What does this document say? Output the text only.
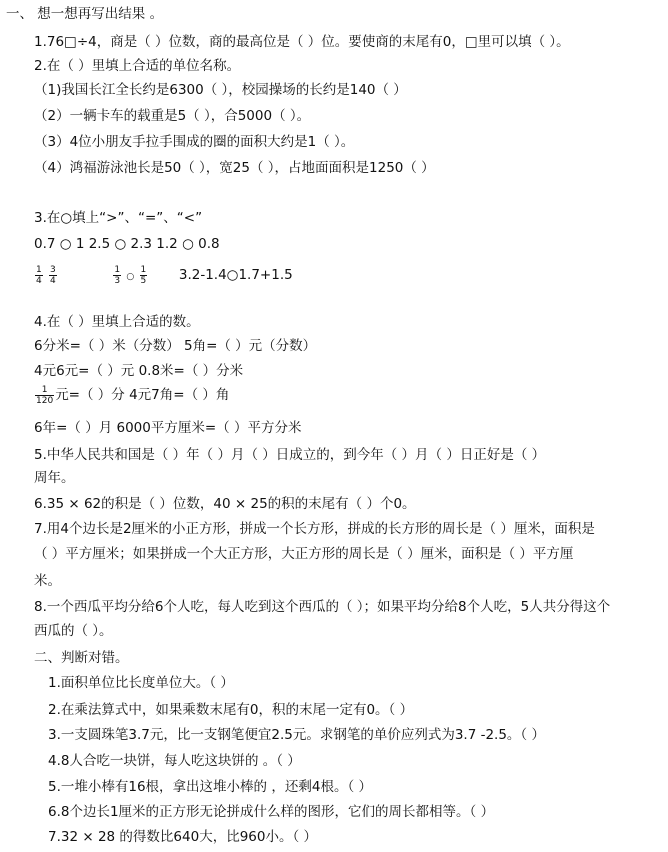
一、 想一想再写出结果 。
1.76□÷4，商是（ ）位数，商的最高位是（ ）位。要使商的末尾有0，□里可以填（ ）。
2.在（ ）里填上合适的单位名称。
（1)我国长江全长约是6300（ ），校园操场的长约是140（ ）
（2）一辆卡车的载重是5（ ），合5000（ ）。
（3）4位小朋友手拉手围成的圈的面积大约是1（ ）。
（4）鸿福游泳池长是50（ ），宽25（ ），占地面面积是1250（ ）
3.在○填上“>”、“=”、“<”
0.7 ○ 1 2.5 ○ 2.3 1.2 ○ 0.8
$\frac{1}{4}$
$\frac{3}{4}$
	$\frac{1}{3}$ ○ $\frac{1}{5}$ 3.2-1.4○1.7+1.5
4.在（ ）里填上合适的数。
6分米=（ ）米（分数） 5角=（ ）元（分数）
4元6元=（ ）元 0.8米=（ ）分米
$\frac{1}{120}$ 元=（ ）分 4元7角=（ ）角
6年=（ ）月 6000平方厘米=（ ）平方分米
5.中华人民共和国是（ ）年（ ）月（ ）日成立的，到今年（ ）月（ ）日正好是（ ）
周年。
6.35 × 62的积是（ ）位数，40 × 25的积的末尾有（ ）个0。
7.用4个边长是2厘米的小正方形，拼成一个长方形，拼成的长方形的周长是（ ）厘米，面积是
（ ）平方厘米；如果拼成一个大正方形，大正方形的周长是（ ）厘米，面积是（ ）平方厘
米。
8.一个西瓜平均分给6个人吃，每人吃到这个西瓜的（ ）；如果平均分给8个人吃，5人共分得这个
西瓜的（ ）。
二、判断对错。
1.面积单位比长度单位大。（ ）
2.在乘法算式中，如果乘数末尾有0，积的末尾一定有0。（ ）
3.一支圆珠笔3.7元，比一支钢笔便宜2.5元。求钢笔的单价应列式为3.7 -2.5。（ ）
4.8人合吃一块饼，每人吃这块饼的 。（ ）
5.一堆小棒有16根，拿出这堆小棒的 ，还剩4根。（ ）
6.8个边长1厘米的正方形无论拼成什么样的图形，它们的周长都相等。（ ）
7.32 × 28 的得数比640大，比960小。（ ）
